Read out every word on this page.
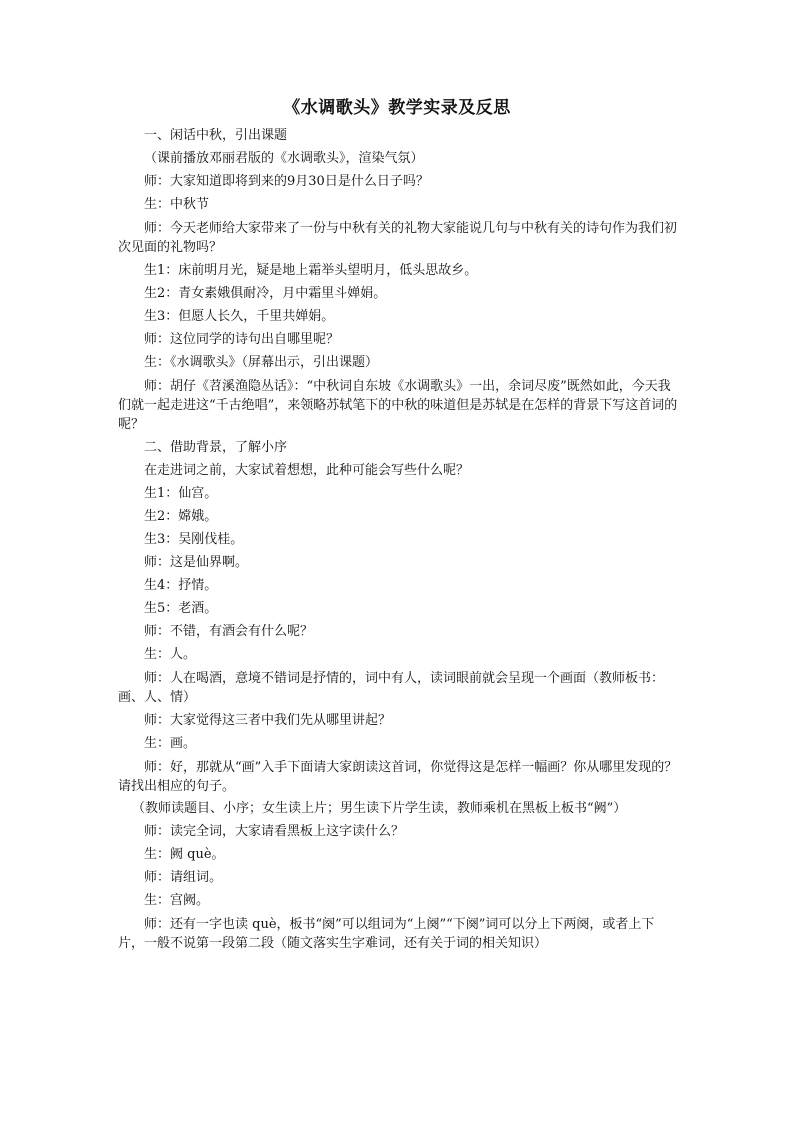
《水调歌头》教学实录及反思

一、闲话中秋，引出课题

（课前播放邓丽君版的《水调歌头》，渲染气氛）

师：大家知道即将到来的9月30日是什么日子吗？

生：中秋节

师：今天老师给大家带来了一份与中秋有关的礼物大家能说几句与中秋有关的诗句作为我们初次见面的礼物吗？

生1：床前明月光，疑是地上霜举头望明月，低头思故乡。

生2：青女素娥俱耐冷，月中霜里斗婵娟。

生3：但愿人长久，千里共婵娟。

师：这位同学的诗句出自哪里呢？

生：《水调歌头》（屏幕出示，引出课题）

师：胡仔《苕溪渔隐丛话》：“中秋词自东坡《水调歌头》一出，余词尽废”既然如此，今天我们就一起走进这“千古绝唱”，来领略苏轼笔下的中秋的味道但是苏轼是在怎样的背景下写这首词的呢？

二、借助背景，了解小序

在走进词之前，大家试着想想，此种可能会写些什么呢？

生1：仙宫。

生2：嫦娥。

生3：吴刚伐桂。

师：这是仙界啊。

生4：抒情。

生5：老酒。

师：不错，有酒会有什么呢？

生：人。

师：人在喝酒，意境不错词是抒情的，词中有人，读词眼前就会呈现一个画面（教师板书：画、人、情）

师：大家觉得这三者中我们先从哪里讲起？

生：画。

师：好，那就从“画”入手下面请大家朗读这首词，你觉得这是怎样一幅画？你从哪里发现的？请找出相应的句子。

（教师读题目、小序；女生读上片；男生读下片学生读，教师乘机在黑板上板书“阙”）

师：读完全词，大家请看黑板上这字读什么？

生：阙 què。

师：请组词。

生：宫阙。

师：还有一字也读 què，板书“阕”可以组词为“上阕”“下阕”词可以分上下两阕，或者上下片，一般不说第一段第二段（随文落实生字难词，还有关于词的相关知识）
